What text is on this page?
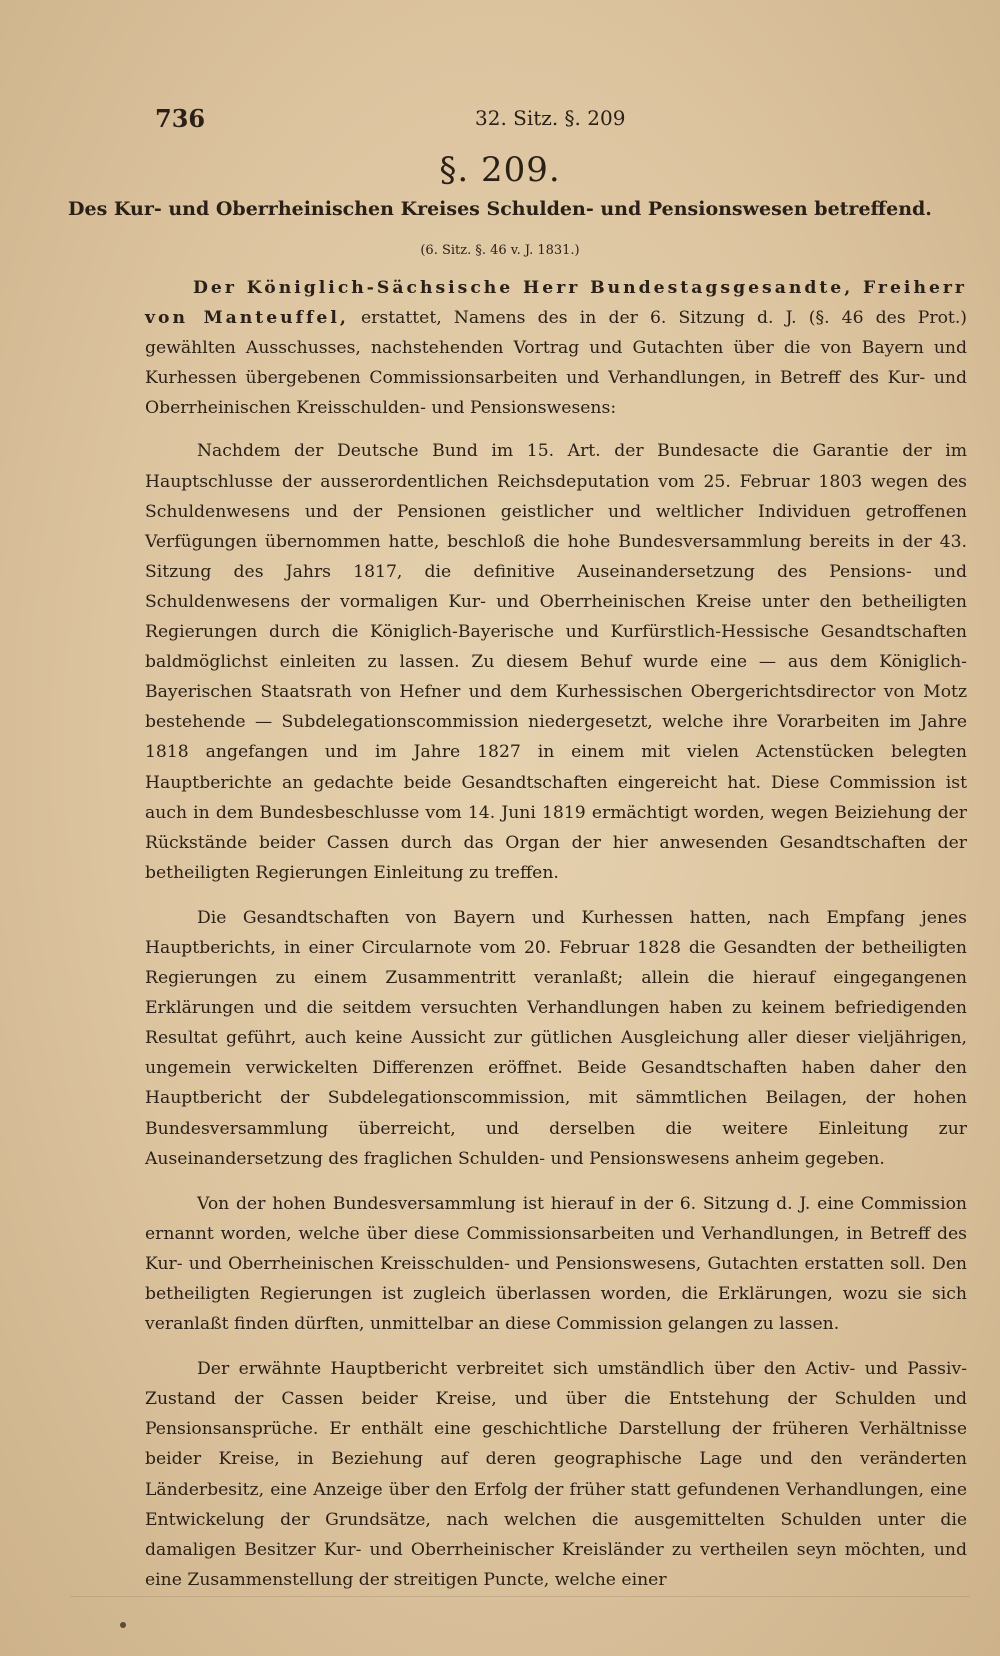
736	32. Sitz. §. 209
§. 209.
Des Kur- und Oberrheinischen Kreises Schulden- und Pensionswesen betreffend.
(6. Sitz. §. 46 v. J. 1831.)

Der Königlich-Sächsische Herr Bundestagsgesandte, Freiherr von Manteuffel, erstattet, Namens des in der 6. Sitzung d. J. (§. 46 des Prot.) gewählten Ausschusses, nachstehenden Vortrag und Gutachten über die von Bayern und Kurhessen übergebenen Commissionsarbeiten und Verhandlungen, in Betreff des Kur- und Oberrheinischen Kreisschulden- und Pensionswesens:

Nachdem der Deutsche Bund im 15. Art. der Bundesacte die Garantie der im Hauptschlusse der ausserordentlichen Reichsdeputation vom 25. Februar 1803 wegen des Schuldenwesens und der Pensionen geistlicher und weltlicher Individuen getroffenen Verfügungen übernommen hatte, beschloß die hohe Bundesversammlung bereits in der 43. Sitzung des Jahrs 1817, die definitive Auseinandersetzung des Pensions- und Schuldenwesens der vormaligen Kur- und Oberrheinischen Kreise unter den betheiligten Regierungen durch die Königlich-Bayerische und Kurfürstlich-Hessische Gesandtschaften baldmöglichst einleiten zu lassen. Zu diesem Behuf wurde eine — aus dem Königlich-Bayerischen Staatsrath von Hefner und dem Kurhessischen Obergerichtsdirector von Motz bestehende — Subdelegationscommission niedergesetzt, welche ihre Vorarbeiten im Jahre 1818 angefangen und im Jahre 1827 in einem mit vielen Actenstücken belegten Hauptberichte an gedachte beide Gesandtschaften eingereicht hat. Diese Commission ist auch in dem Bundesbeschlusse vom 14. Juni 1819 ermächtigt worden, wegen Beiziehung der Rückstände beider Cassen durch das Organ der hier anwesenden Gesandtschaften der betheiligten Regierungen Einleitung zu treffen.

Die Gesandtschaften von Bayern und Kurhessen hatten, nach Empfang jenes Hauptberichts, in einer Circularnote vom 20. Februar 1828 die Gesandten der betheiligten Regierungen zu einem Zusammentritt veranlaßt; allein die hierauf eingegangenen Erklärungen und die seitdem versuchten Verhandlungen haben zu keinem befriedigenden Resultat geführt, auch keine Aussicht zur gütlichen Ausgleichung aller dieser vieljährigen, ungemein verwickelten Differenzen eröffnet. Beide Gesandtschaften haben daher den Hauptbericht der Subdelegationscommission, mit sämmtlichen Beilagen, der hohen Bundesversammlung überreicht, und derselben die weitere Einleitung zur Auseinandersetzung des fraglichen Schulden- und Pensionswesens anheim gegeben.

Von der hohen Bundesversammlung ist hierauf in der 6. Sitzung d. J. eine Commission ernannt worden, welche über diese Commissionsarbeiten und Verhandlungen, in Betreff des Kur- und Oberrheinischen Kreisschulden- und Pensionswesens, Gutachten erstatten soll. Den betheiligten Regierungen ist zugleich überlassen worden, die Erklärungen, wozu sie sich veranlaßt finden dürften, unmittelbar an diese Commission gelangen zu lassen.

Der erwähnte Hauptbericht verbreitet sich umständlich über den Activ- und Passiv-Zustand der Cassen beider Kreise, und über die Entstehung der Schulden und Pensionsansprüche. Er enthält eine geschichtliche Darstellung der früheren Verhältnisse beider Kreise, in Beziehung auf deren geographische Lage und den veränderten Länderbesitz, eine Anzeige über den Erfolg der früher statt gefundenen Verhandlungen, eine Entwickelung der Grundsätze, nach welchen die ausgemittelten Schulden unter die damaligen Besitzer Kur- und Oberrheinischer Kreisländer zu vertheilen seyn möchten, und eine Zusammenstellung der streitigen Puncte, welche einer
